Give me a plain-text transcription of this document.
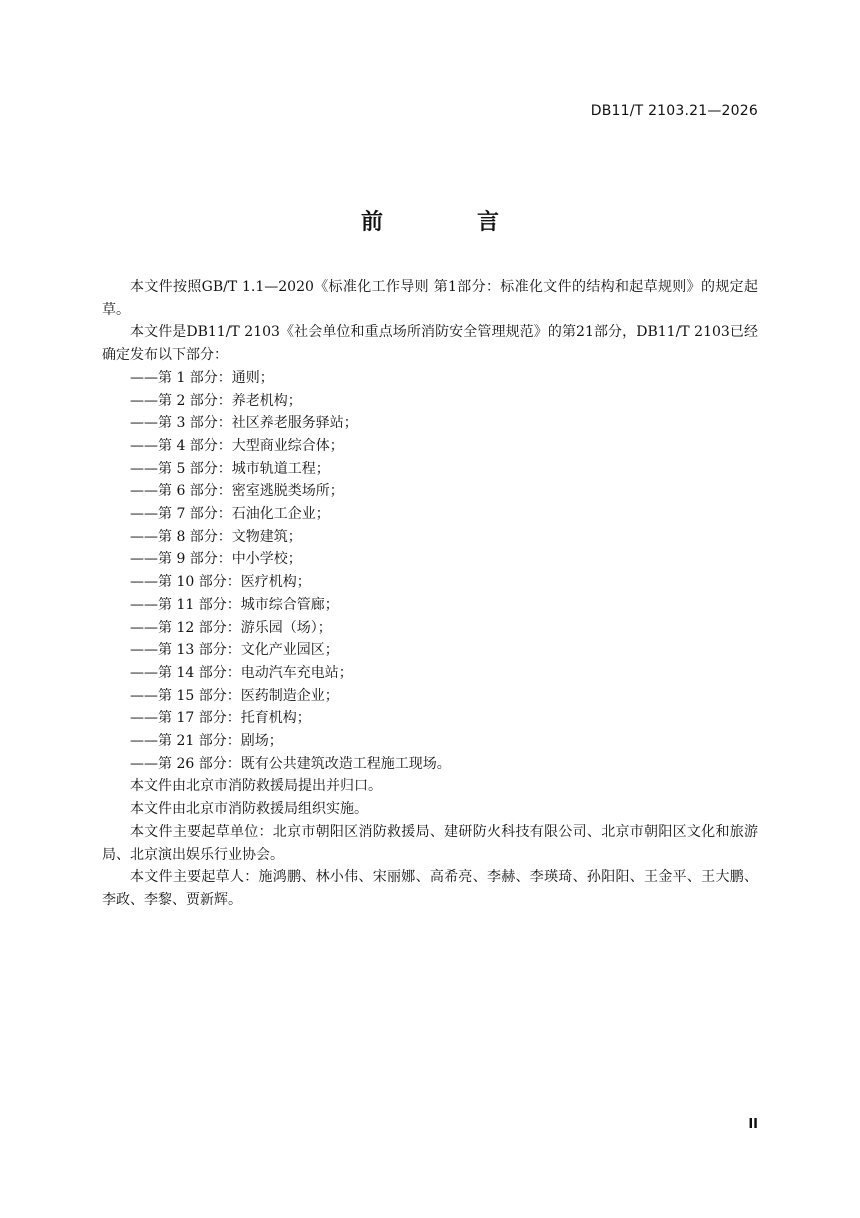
DB11/T 2103.21—2026
前　言

本文件按照GB/T 1.1—2020《标准化工作导则 第1部分：标准化文件的结构和起草规则》的规定起草。

本文件是DB11/T 2103《社会单位和重点场所消防安全管理规范》的第21部分，DB11/T 2103已经确定发布以下部分：

——第 1 部分：通则；

——第 2 部分：养老机构；

——第 3 部分：社区养老服务驿站；

——第 4 部分：大型商业综合体；

——第 5 部分：城市轨道工程；

——第 6 部分：密室逃脱类场所；

——第 7 部分：石油化工企业；

——第 8 部分：文物建筑；

——第 9 部分：中小学校；

——第 10 部分：医疗机构；

——第 11 部分：城市综合管廊；

——第 12 部分：游乐园（场）；

——第 13 部分：文化产业园区；

——第 14 部分：电动汽车充电站；

——第 15 部分：医药制造企业；

——第 17 部分：托育机构；

——第 21 部分：剧场；

——第 26 部分：既有公共建筑改造工程施工现场。

本文件由北京市消防救援局提出并归口。

本文件由北京市消防救援局组织实施。

本文件主要起草单位：北京市朝阳区消防救援局、建研防火科技有限公司、北京市朝阳区文化和旅游局、北京演出娱乐行业协会。

本文件主要起草人：施鸿鹏、林小伟、宋丽娜、高希亮、李赫、李瑛琦、孙阳阳、王金平、王大鹏、李政、李黎、贾新辉。

II
